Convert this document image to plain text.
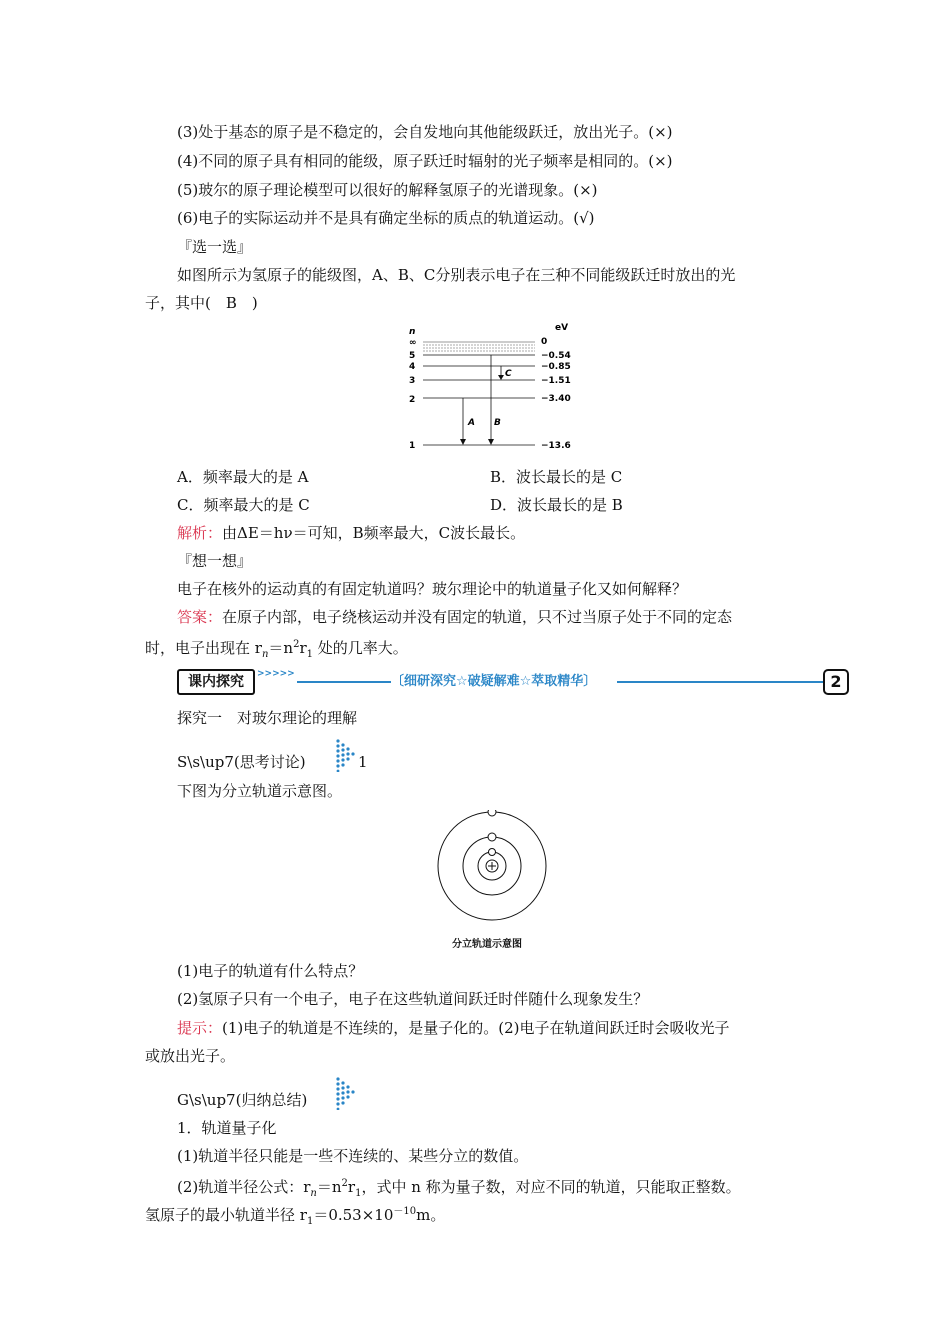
(3)处于基态的原子是不稳定的，会自发地向其他能级跃迁，放出光子。(×)
(4)不同的原子具有相同的能级，原子跃迁时辐射的光子频率是相同的。(×)
(5)玻尔的原子理论模型可以很好的解释氢原子的光谱现象。(×)
(6)电子的实际运动并不是具有确定坐标的质点的轨道运动。(√)
『选一选』
如图所示为氢原子的能级图，A、B、C分别表示电子在三种不同能级跃迁时放出的光
子，其中(　B　)
n	eV
∞	0
5	−0.54
4	−0.85
3	−1.51
2	−3.40
1	−13.6
A B
C
A．频率最大的是 A	B．波长最长的是 C
C．频率最大的是 C	D．波长最长的是 B
解析：由ΔE＝hν＝可知，B频率最大，C波长最长。
『想一想』
电子在核外的运动真的有固定轨道吗？玻尔理论中的轨道量子化又如何解释？
答案：在原子内部，电子绕核运动并没有固定的轨道，只不过当原子处于不同的定态
时，电子出现在 $r_n=n^2r_1$ 处的几率大。
课内探究	>>>>>	〔细研深究☆破疑解难☆萃取精华〕	2
探究一　对玻尔理论的理解
S\s\up7(思考讨论)	1
下图为分立轨道示意图。
分立轨道示意图
(1)电子的轨道有什么特点？
(2)氢原子只有一个电子，电子在这些轨道间跃迁时伴随什么现象发生？
提示：(1)电子的轨道是不连续的，是量子化的。(2)电子在轨道间跃迁时会吸收光子
或放出光子。
G\s\up7(归纳总结)
1．轨道量子化
(1)轨道半径只能是一些不连续的、某些分立的数值。
(2)轨道半径公式：$r_n=n^2r_1$，式中 n 称为量子数，对应不同的轨道，只能取正整数。
氢原子的最小轨道半径 $r_1=0.53\times 10^{-10}m$。
